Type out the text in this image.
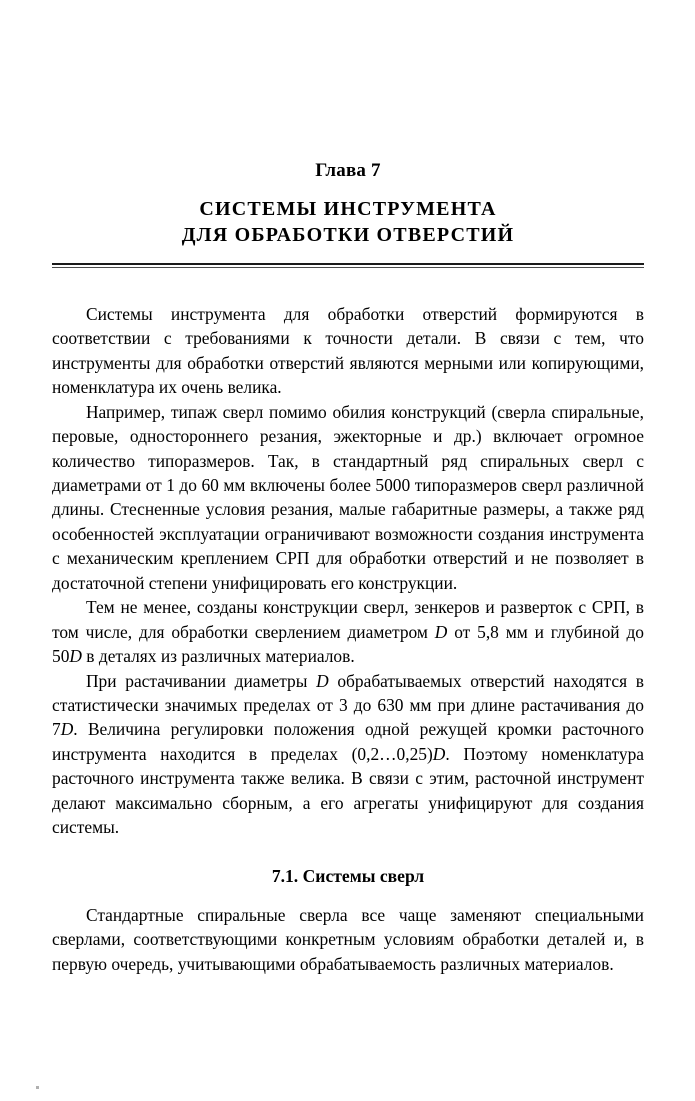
Глава 7
СИСТЕМЫ ИНСТРУМЕНТА
ДЛЯ ОБРАБОТКИ ОТВЕРСТИЙ

Системы инструмента для обработки отверстий формируются в соответствии с требованиями к точности детали. В связи с тем, что инструменты для обработки отверстий являются мерными или копирующими, номенклатура их очень велика.

Например, типаж сверл помимо обилия конструкций (сверла спиральные, перовые, одностороннего резания, эжекторные и др.) включает огромное количество типоразмеров. Так, в стандартный ряд спиральных сверл с диаметрами от 1 до 60 мм включены более 5000 типоразмеров сверл различной длины. Стесненные условия резания, малые габаритные размеры, а также ряд особенностей эксплуатации ограничивают возможности создания инструмента с механическим креплением СРП для обработки отверстий и не позволяет в достаточной степени унифицировать его конструкции.

Тем не менее, созданы конструкции сверл, зенкеров и разверток с СРП, в том числе, для обработки сверлением диаметром D от 5,8 мм и глубиной до 50D в деталях из различных материалов.

При растачивании диаметры D обрабатываемых отверстий находятся в статистически значимых пределах от 3 до 630 мм при длине растачивания до 7D. Величина регулировки положения одной режущей кромки расточного инструмента находится в пределах (0,2…0,25)D. Поэтому номенклатура расточного инструмента также велика. В связи с этим, расточной инструмент делают максимально сборным, а его агрегаты унифицируют для создания системы.

7.1. Системы сверл

Стандартные спиральные сверла все чаще заменяют специальными сверлами, соответствующими конкретным условиям обработки деталей и, в первую очередь, учитывающими обрабатываемость различных материалов.
